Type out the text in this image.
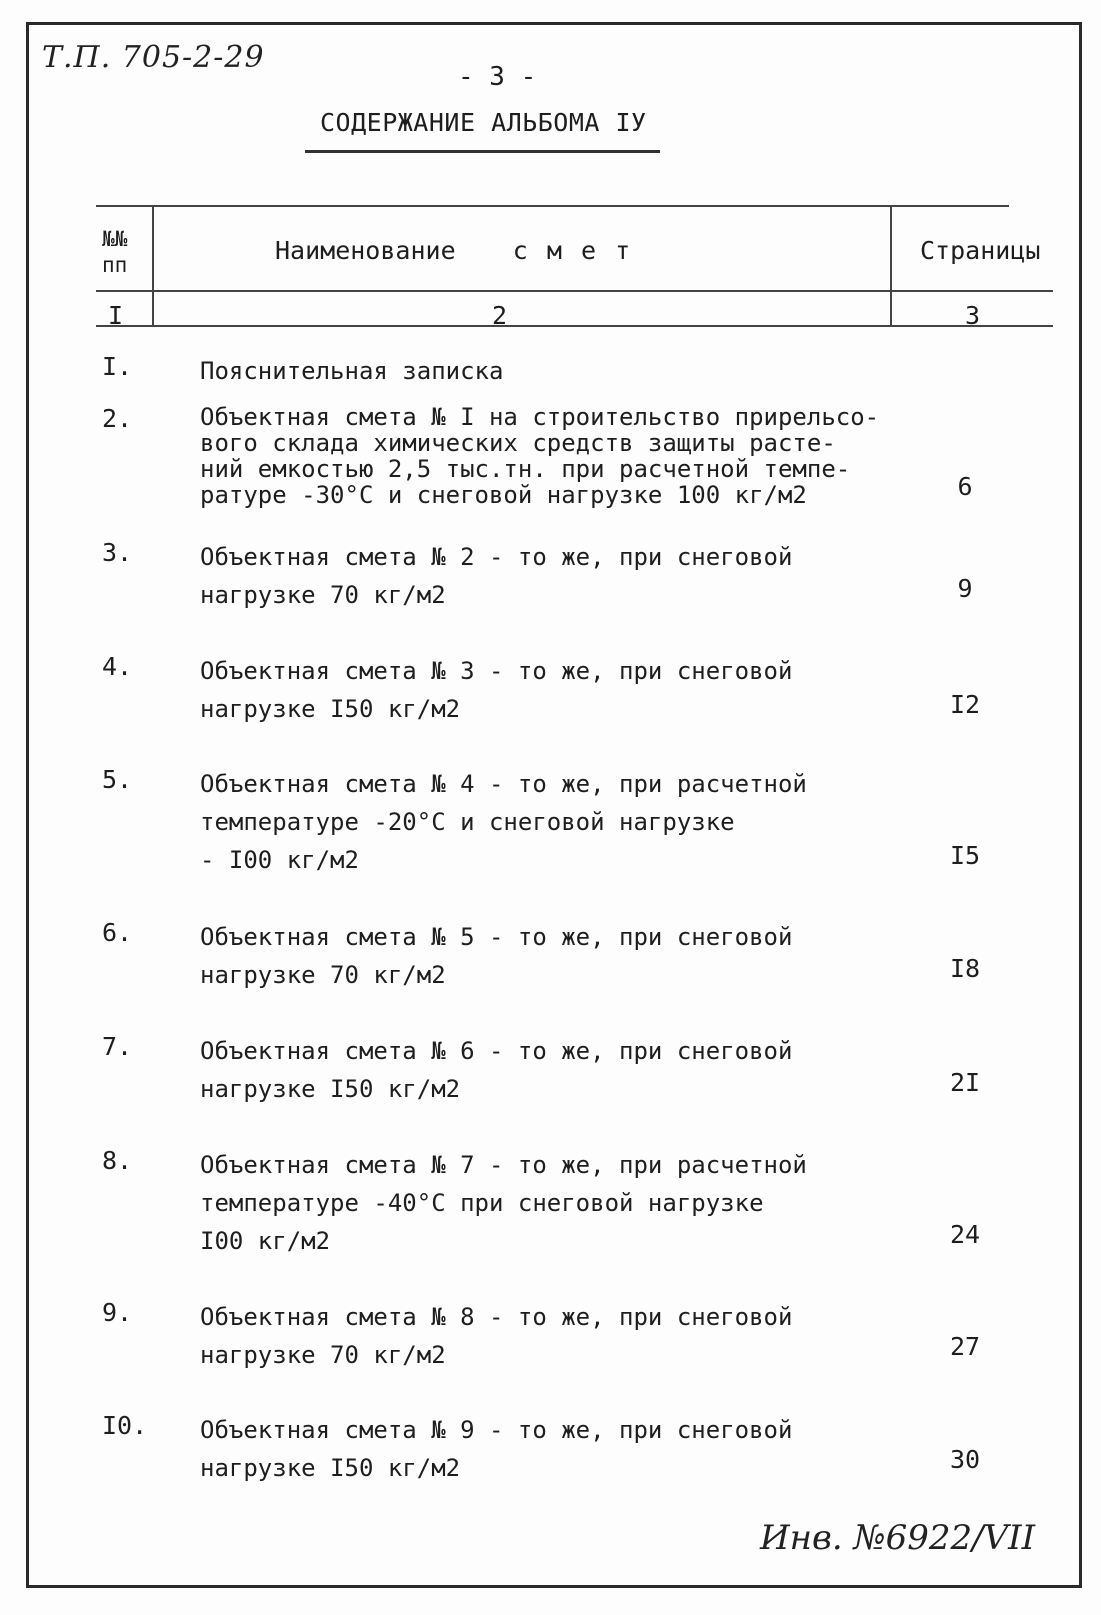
Т.П. 705-2-29
- 3 -
СОДЕРЖАНИЕ АЛЬБОМА IУ
№№
пп	Наименование   с м е т	Страницы
I	2	3
I.	Пояснительная записка
2.	Объектная смета № I на строительство прирельсо-
вого склада химических средств защиты расте-
ний емкостью 2,5 тыс.тн. при расчетной темпе-
ратуре -30°С и снеговой нагрузке 100 кг/м2	6
3.	Объектная смета № 2 - то же, при снеговой
нагрузке 70 кг/м2	9
4.	Объектная смета № 3 - то же, при снеговой
нагрузке I50 кг/м2	I2
5.	Объектная смета № 4 - то же, при расчетной
температуре -20°С и снеговой нагрузке
- I00 кг/м2	I5
6.	Объектная смета № 5 - то же, при снеговой
нагрузке 70 кг/м2	I8
7.	Объектная смета № 6 - то же, при снеговой
нагрузке I50 кг/м2	2I
8.	Объектная смета № 7 - то же, при расчетной
температуре -40°С при снеговой нагрузке
I00 кг/м2	24
9.	Объектная смета № 8 - то же, при снеговой
нагрузке 70 кг/м2	27
I0. Объектная смета № 9 - то же, при снеговой
нагрузке I50 кг/м2	30
Инв. №6922/VII
